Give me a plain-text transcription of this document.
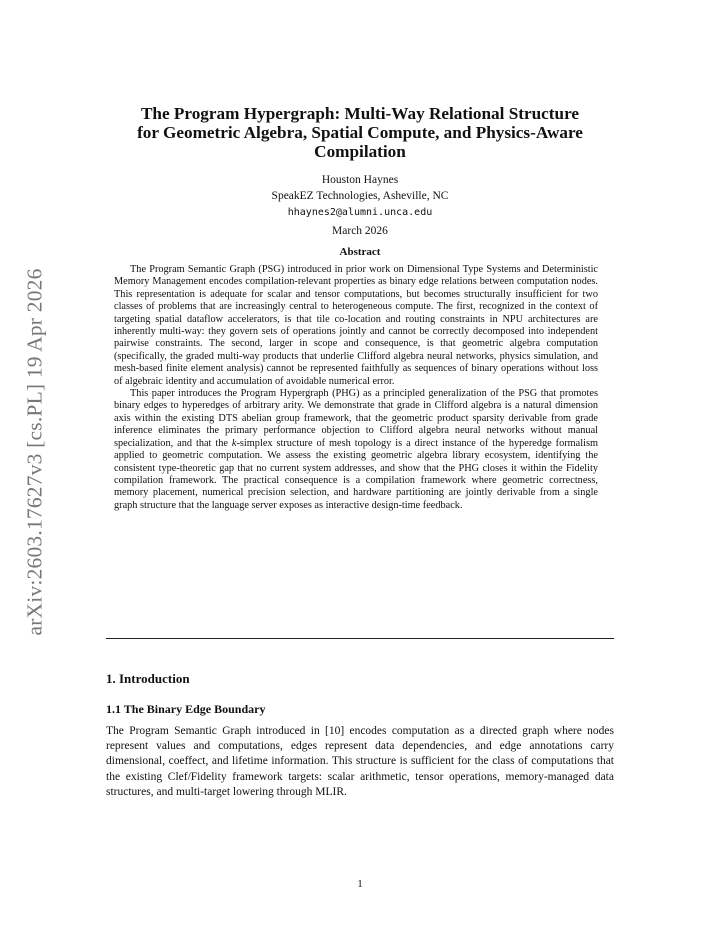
arXiv:2603.17627v3 [cs.PL] 19 Apr 2026
The Program Hypergraph: Multi-Way Relational Structure
for Geometric Algebra, Spatial Compute, and Physics-Aware
Compilation
Houston Haynes
SpeakEZ Technologies, Asheville, NC
hhaynes2@alumni.unca.edu
March 2026
Abstract

The Program Semantic Graph (PSG) introduced in prior work on Dimensional Type Systems and Deterministic Memory Management encodes compilation-relevant properties as binary edge relations between computation nodes. This representation is adequate for scalar and tensor computations, but becomes structurally insufficient for two classes of problems that are increasingly central to heterogeneous compute. The first, recognized in the context of targeting spatial dataflow accelerators, is that tile co-location and routing constraints in NPU architectures are inherently multi-way: they govern sets of operations jointly and cannot be correctly decomposed into independent pairwise constraints. The second, larger in scope and consequence, is that geometric algebra computation (specifically, the graded multi-way products that underlie Clifford algebra neural networks, physics simulation, and mesh-based finite element analysis) cannot be represented faithfully as sequences of binary operations without loss of algebraic identity and accumulation of avoidable numerical error.

This paper introduces the Program Hypergraph (PHG) as a principled generalization of the PSG that promotes binary edges to hyperedges of arbitrary arity. We demonstrate that grade in Clifford algebra is a natural dimension axis within the existing DTS abelian group framework, that the geometric product sparsity derivable from grade inference eliminates the primary performance objection to Clifford algebra neural networks without manual specialization, and that the k-simplex structure of mesh topology is a direct instance of the hyperedge formalism applied to geometric computation. We assess the existing geometric algebra library ecosystem, identifying the consistent type-theoretic gap that no current system addresses, and show that the PHG closes it within the Fidelity compilation framework. The practical consequence is a compilation framework where geometric correctness, memory placement, numerical precision selection, and hardware partitioning are jointly derivable from a single graph structure that the language server exposes as interactive design-time feedback.

1. Introduction
1.1 The Binary Edge Boundary

The Program Semantic Graph introduced in [10] encodes computation as a directed graph where nodes represent values and computations, edges represent data dependencies, and edge annotations carry dimensional, coeffect, and lifetime information. This structure is sufficient for the class of computations that the existing Clef/Fidelity framework targets: scalar arithmetic, tensor operations, memory-managed data structures, and multi-target lowering through MLIR.

1
